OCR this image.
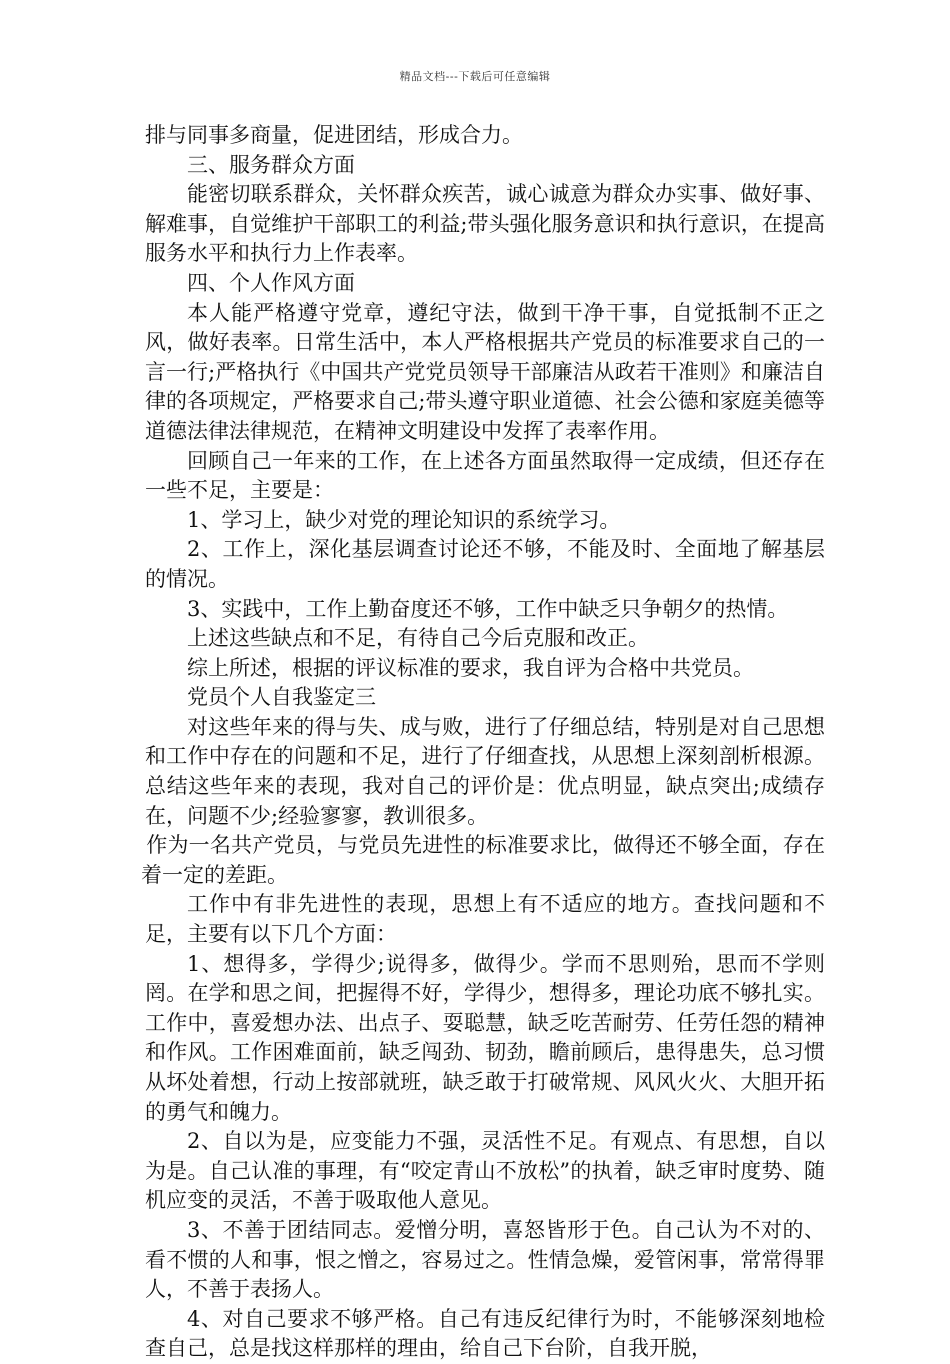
精品文档---下载后可任意编辑

排与同事多商量，促进团结，形成合力。

三、服务群众方面

能密切联系群众，关怀群众疾苦，诚心诚意为群众办实事、做好事、解难事，自觉维护干部职工的利益;带头强化服务意识和执行意识，在提高服务水平和执行力上作表率。

四、个人作风方面

本人能严格遵守党章，遵纪守法，做到干净干事，自觉抵制不正之风，做好表率。日常生活中，本人严格根据共产党员的标准要求自己的一言一行;严格执行《中国共产党党员领导干部廉洁从政若干准则》和廉洁自律的各项规定，严格要求自己;带头遵守职业道德、社会公德和家庭美德等道德法律法律规范，在精神文明建设中发挥了表率作用。

回顾自己一年来的工作，在上述各方面虽然取得一定成绩，但还存在一些不足，主要是：

1、学习上，缺少对党的理论知识的系统学习。

2、工作上，深化基层调查讨论还不够，不能及时、全面地了解基层的情况。

3、实践中，工作上勤奋度还不够，工作中缺乏只争朝夕的热情。

上述这些缺点和不足，有待自己今后克服和改正。

综上所述，根据的评议标准的要求，我自评为合格中共党员。

党员个人自我鉴定三

对这些年来的得与失、成与败，进行了仔细总结，特别是对自己思想和工作中存在的问题和不足，进行了仔细查找，从思想上深刻剖析根源。总结这些年来的表现，我对自己的评价是：优点明显，缺点突出;成绩存在，问题不少;经验寥寥，教训很多。

作为一名共产党员，与党员先进性的标准要求比，做得还不够全面，存在着一定的差距。

工作中有非先进性的表现，思想上有不适应的地方。查找问题和不足，主要有以下几个方面：

1、想得多，学得少;说得多，做得少。学而不思则殆，思而不学则罔。在学和思之间，把握得不好，学得少，想得多，理论功底不够扎实。工作中，喜爱想办法、出点子、耍聪慧，缺乏吃苦耐劳、任劳任怨的精神和作风。工作困难面前，缺乏闯劲、韧劲，瞻前顾后，患得患失，总习惯从坏处着想，行动上按部就班，缺乏敢于打破常规、风风火火、大胆开拓的勇气和魄力。

2、自以为是，应变能力不强，灵活性不足。有观点、有思想，自以为是。自己认准的事理，有“咬定青山不放松”的执着，缺乏审时度势、随机应变的灵活，不善于吸取他人意见。

3、不善于团结同志。爱憎分明，喜怒皆形于色。自己认为不对的、看不惯的人和事，恨之憎之，容易过之。性情急燥，爱管闲事，常常得罪人，不善于表扬人。

4、对自己要求不够严格。自己有违反纪律行为时，不能够深刻地检查自己，总是找这样那样的理由，给自己下台阶，自我开脱，
